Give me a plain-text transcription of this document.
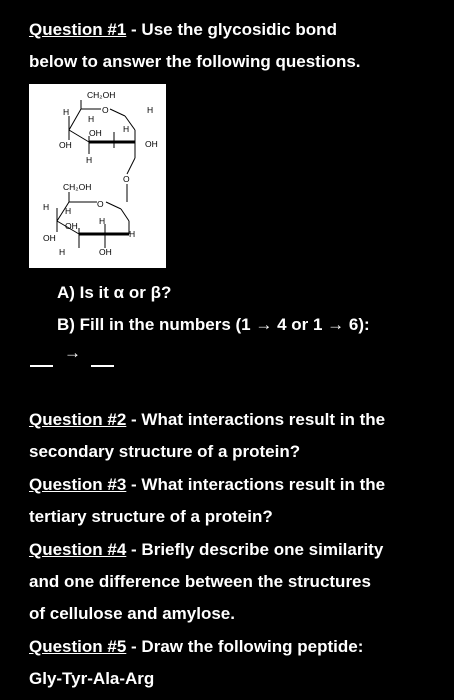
Question #1 - Use the glycosidic bond
below to answer the following questions.
CH₂OH
O
H
H
H
OH	H
OH	OH
H
O
CH₂OH
O
H H
OH	H
H
OH
H	OH
A) Is it α or β?
B) Fill in the numbers (1 → 4 or 1 → 6):
→
Question #2 - What interactions result in the
secondary structure of a protein?
Question #3 - What interactions result in the
tertiary structure of a protein?
Question #4 - Briefly describe one similarity
and one difference between the structures
of cellulose and amylose.
Question #5 - Draw the following peptide:
Gly-Tyr-Ala-Arg
